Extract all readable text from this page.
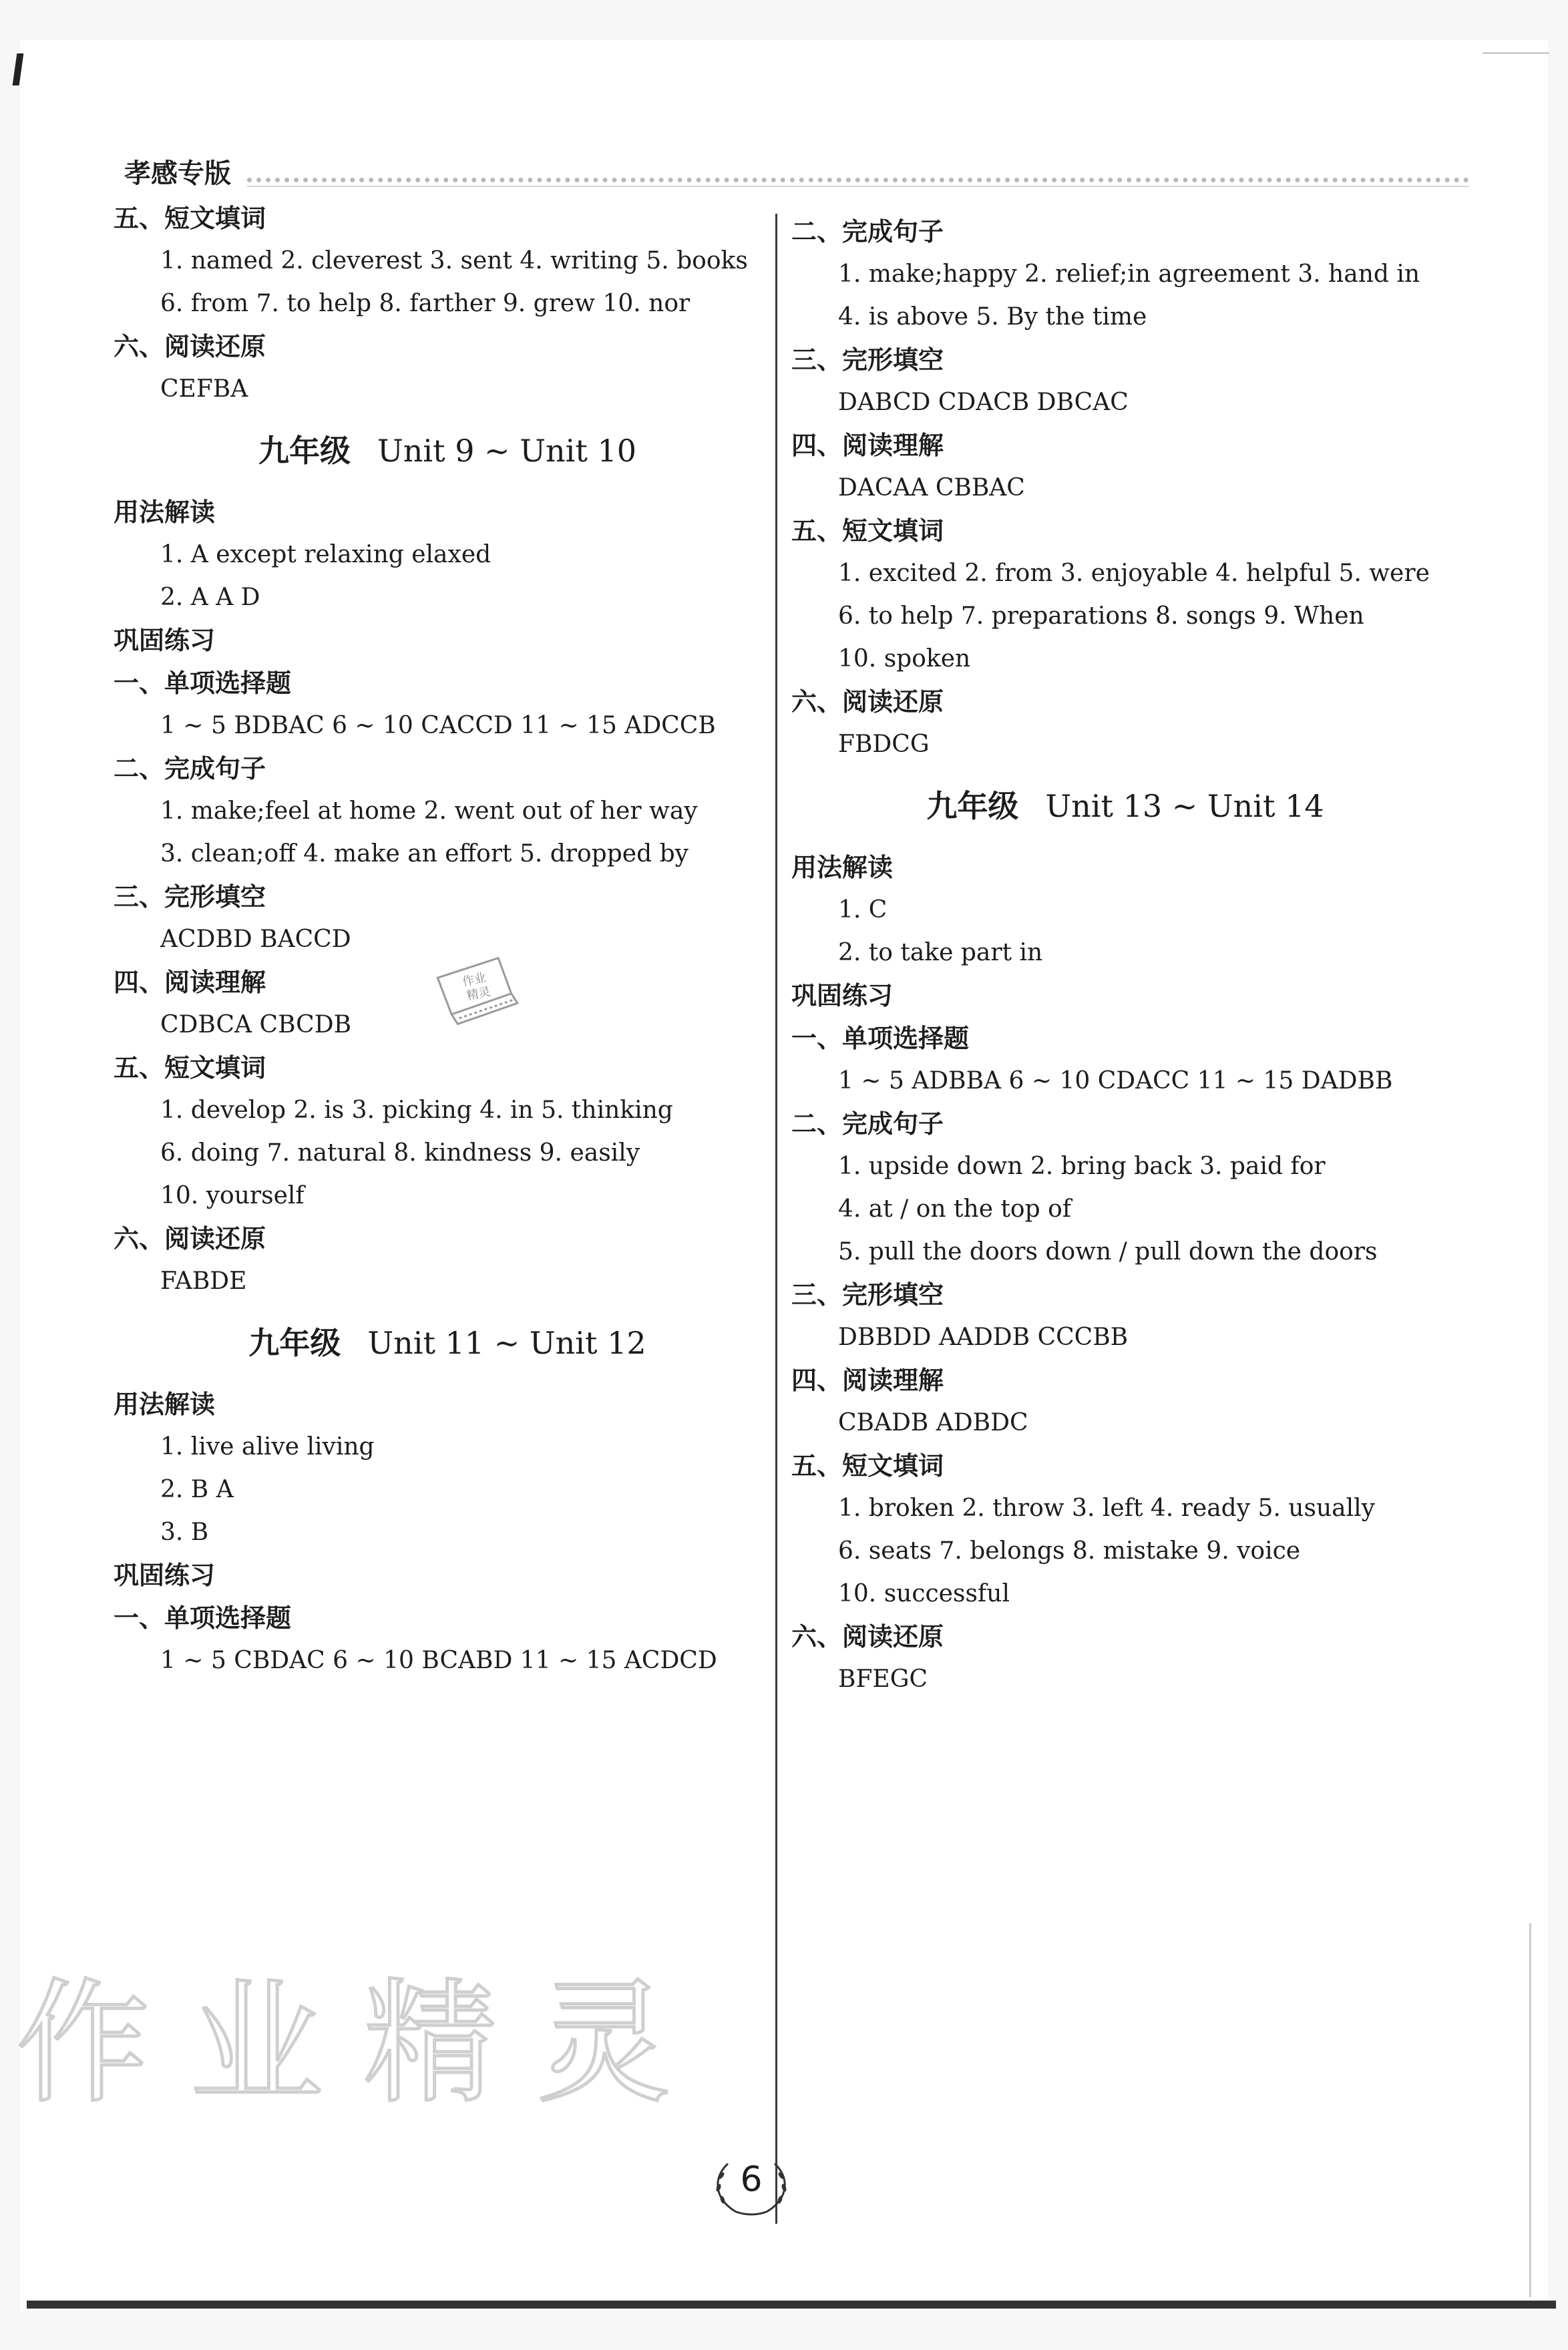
孝感专版
五、短文填词
1. named 2. cleverest 3. sent 4. writing 5. books
6. from 7. to help 8. farther 9. grew 10. nor
六、阅读还原
CEFBA
九年级 Unit 9 ~ Unit 10
用法解读
1. A except relaxing elaxed
2. A A D
巩固练习
一、单项选择题
1 ~ 5 BDBAC 6 ~ 10 CACCD 11 ~ 15 ADCCB
二、完成句子
1. make;feel at home 2. went out of her way
3. clean;off 4. make an effort 5. dropped by
三、完形填空
ACDBD BACCD
四、阅读理解
CDBCA CBCDB
五、短文填词
1. develop 2. is 3. picking 4. in 5. thinking
6. doing 7. natural 8. kindness 9. easily
10. yourself
六、阅读还原
FABDE
九年级 Unit 11 ~ Unit 12
用法解读
1. live alive living
2. B A
3. B
巩固练习
一、单项选择题
1 ~ 5 CBDAC 6 ~ 10 BCABD 11 ~ 15 ACDCD
二、完成句子
1. make;happy 2. relief;in agreement 3. hand in
4. is above 5. By the time
三、完形填空
DABCD CDACB DBCAC
四、阅读理解
DACAA CBBAC
五、短文填词
1. excited 2. from 3. enjoyable 4. helpful 5. were
6. to help 7. preparations 8. songs 9. When
10. spoken
六、阅读还原
FBDCG
九年级 Unit 13 ~ Unit 14
用法解读
1. C
2. to take part in
巩固练习
一、单项选择题
1 ~ 5 ADBBA 6 ~ 10 CDACC 11 ~ 15 DADBB
二、完成句子
1. upside down 2. bring back 3. paid for
4. at / on the top of
5. pull the doors down / pull down the doors
三、完形填空
DBBDD AADDB CCCBB
四、阅读理解
CBADB ADBDC
五、短文填词
1. broken 2. throw 3. left 4. ready 5. usually
6. seats 7. belongs 8. mistake 9. voice
10. successful
六、阅读还原
BFEGC
作业
精灵
作业精灵
6
